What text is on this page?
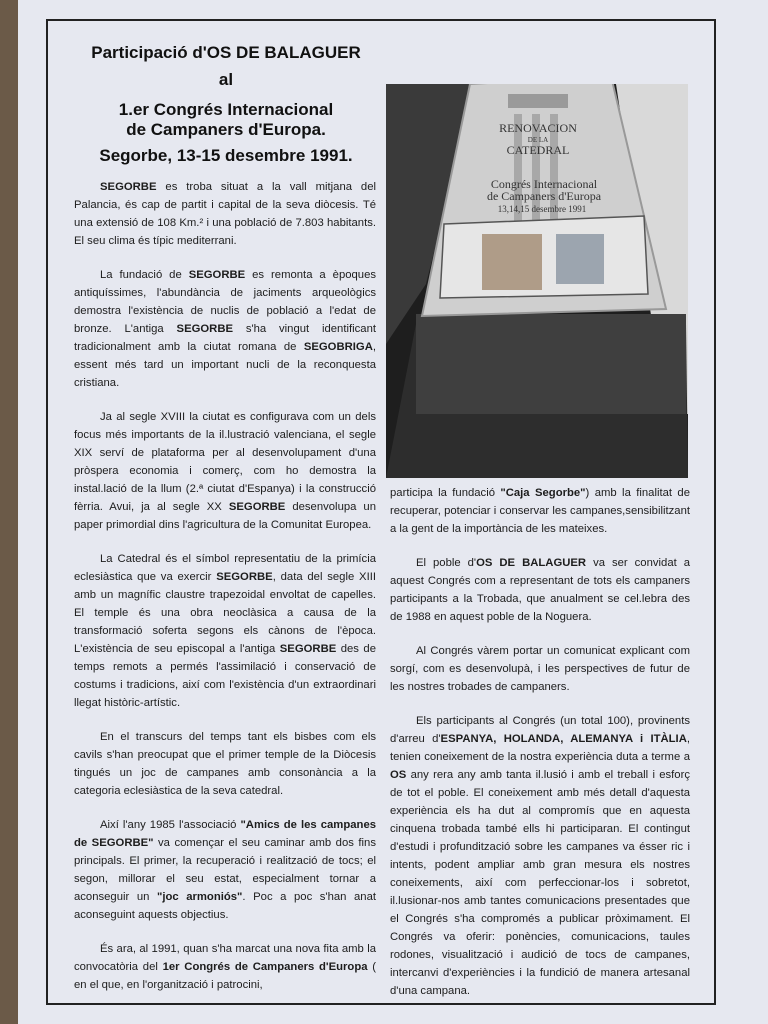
Participació d'OS DE BALAGUER
al
1.er Congrés Internacional
de Campaners d'Europa.
Segorbe, 13-15 desembre 1991.
RENOVACION
DE LA
CATEDRAL
Congrés Internacional
de Campaners d'Europa
13,14,15 desembre 1991

SEGORBE es troba situat a la vall mitjana del Palancia, és cap de partit i capital de la seva diòcesis. Té una extensió de 108 Km.² i una població de 7.803 habitants. El seu clima és típic mediterrani.

La fundació de SEGORBE es remonta a èpoques antiquíssimes, l'abundància de jaciments arqueològics demostra l'existència de nuclis de població a l'edat de bronze. L'antiga SEGORBE s'ha vingut identificant tradicionalment amb la ciutat romana de SEGOBRIGA, essent més tard un important nucli de la reconquesta cristiana.

Ja al segle XVIII la ciutat es configurava com un dels focus més importants de la il.lustració valenciana, el segle XIX serví de plataforma per al desenvolupament d'una pròspera economia i comerç, com ho demostra la instal.lació de la llum (2.ª ciutat d'Espanya) i la construcció fèrria. Avui, ja al segle XX SEGORBE desenvolupa un paper primordial dins l'agricultura de la Comunitat Europea.

La Catedral és el símbol representatiu de la primícia eclesiàstica que va exercir SEGORBE, data del segle XIII amb un magnífic claustre trapezoidal envoltat de capelles. El temple és una obra neoclàsica a causa de la transformació soferta segons els cànons de l'època. L'existència de seu episcopal a l'antiga SEGORBE des de temps remots a permés l'assimilació i conservació de costums i tradicions, així com l'existència d'un extraordinari llegat històric-artístic.

En el transcurs del temps tant els bisbes com els cavils s'han preocupat que el primer temple de la Diòcesis tingués un joc de campanes amb consonància a la categoria eclesiàstica de la seva catedral.

Així l'any 1985 l'associació "Amics de les campanes de SEGORBE" va començar el seu caminar amb dos fins principals. El primer, la recuperació i realització de tocs; el segon, millorar el seu estat, especialment tornar a aconseguir un "joc armoniós". Poc a poc s'han anat aconseguint aquests objectius.

És ara, al 1991, quan s'ha marcat una nova fita amb la convocatòria del 1er Congrés de Campaners d'Europa ( en el que, en l'organització i patrocini,

participa la fundació "Caja Segorbe") amb la finalitat de recuperar, potenciar i conservar les campanes,sensibilitzant a la gent de la importància de les mateixes.

El poble d'OS DE BALAGUER va ser convidat a aquest Congrés com a representant de tots els campaners participants a la Trobada, que anualment se cel.lebra des de 1988 en aquest poble de la Noguera.

Al Congrés vàrem portar un comunicat explicant com sorgí, com es desenvolupà, i les perspectives de futur de les nostres trobades de campaners.

Els participants al Congrés (un total 100), provinents d'arreu d'ESPANYA, HOLANDA, ALEMANYA i ITÀLIA, tenien coneixement de la nostra experiència duta a terme a OS any rera any amb tanta il.lusió i amb el treball i esforç de tot el poble. El coneixement amb més detall d'aquesta experiència els ha dut al compromís que en aquesta cinquena trobada també ells hi participaran. El contingut d'estudi i profundització sobre les campanes va ésser ric i intents, podent ampliar amb gran mesura els nostres coneixements, així com perfeccionar-los i sobretot, il.lusionar-nos amb tantes comunicacions presentades que el Congrés s'ha compromés a publicar pròximament. El Congrés va oferir: ponències, comunicacions, taules rodones, visualització i audició de tocs de campanes, intercanvi d'experiències i la fundició de manera artesanal d'una campana.
